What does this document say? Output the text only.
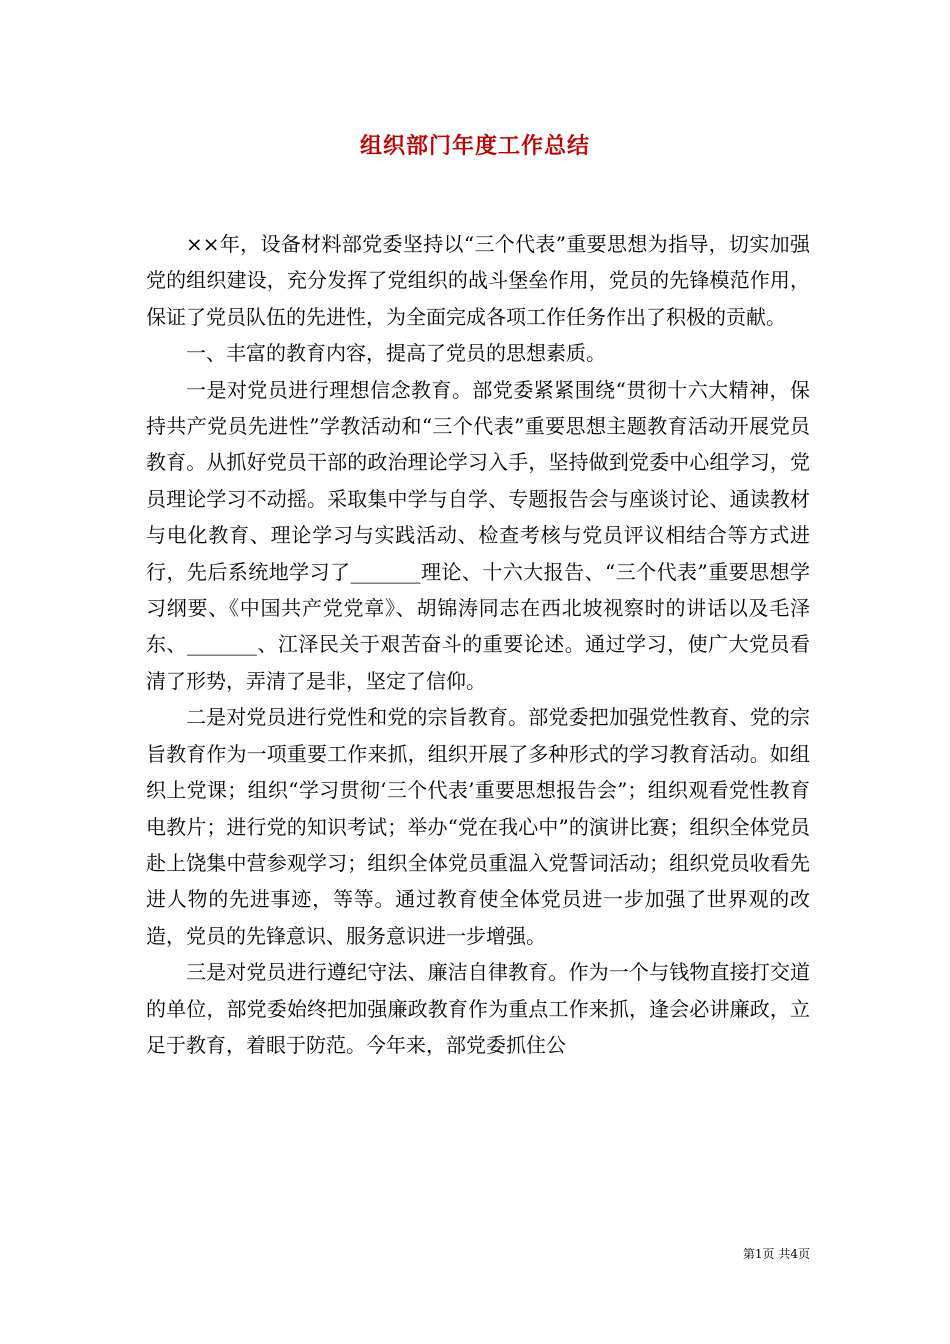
组织部门年度工作总结

××年，设备材料部党委坚持以“三个代表”重要思想为指导，切实加强党的组织建设，充分发挥了党组织的战斗堡垒作用，党员的先锋模范作用，保证了党员队伍的先进性，为全面完成各项工作任务作出了积极的贡献。

一、丰富的教育内容，提高了党员的思想素质。

一是对党员进行理想信念教育。部党委紧紧围绕“贯彻十六大精神，保持共产党员先进性”学教活动和“三个代表”重要思想主题教育活动开展党员教育。从抓好党员干部的政治理论学习入手，坚持做到党委中心组学习，党员理论学习不动摇。采取集中学与自学、专题报告会与座谈讨论、通读教材与电化教育、理论学习与实践活动、检查考核与党员评议相结合等方式进行，先后系统地学习了_______理论、十六大报告、“三个代表”重要思想学习纲要、《中国共产党党章》、胡锦涛同志在西北坡视察时的讲话以及毛泽东、_______、江泽民关于艰苦奋斗的重要论述。通过学习，使广大党员看清了形势，弄清了是非，坚定了信仰。

二是对党员进行党性和党的宗旨教育。部党委把加强党性教育、党的宗旨教育作为一项重要工作来抓，组织开展了多种形式的学习教育活动。如组织上党课；组织“学习贯彻‘三个代表’重要思想报告会”；组织观看党性教育电教片；进行党的知识考试；举办“党在我心中”的演讲比赛；组织全体党员赴上饶集中营参观学习；组织全体党员重温入党誓词活动；组织党员收看先进人物的先进事迹，等等。通过教育使全体党员进一步加强了世界观的改造，党员的先锋意识、服务意识进一步增强。

三是对党员进行遵纪守法、廉洁自律教育。作为一个与钱物直接打交道的单位，部党委始终把加强廉政教育作为重点工作来抓，逢会必讲廉政，立足于教育，着眼于防范。今年来，部党委抓住公

第1页 共4页
